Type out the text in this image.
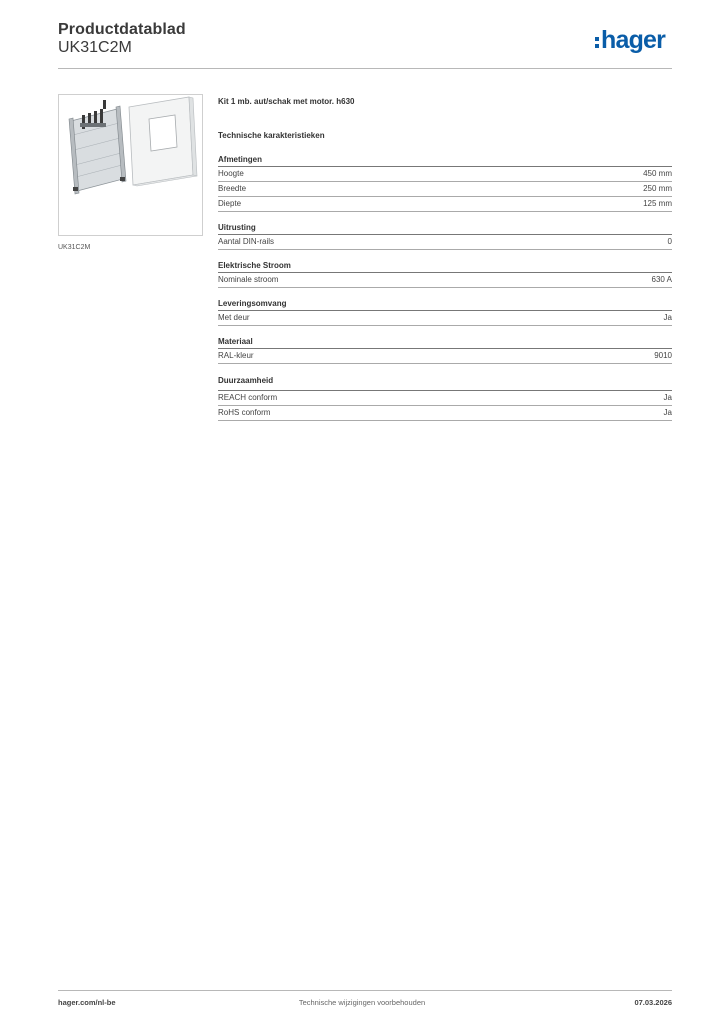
Productdatablad
UK31C2M	hager
UK31C2M
Kit 1 mb. aut/schak met motor. h630
Technische karakteristieken
Afmetingen
Hoogte	450 mm
Breedte	250 mm
Diepte	125 mm
Uitrusting
Aantal DIN-rails	0
Elektrische Stroom
Nominale stroom	630 A
Leveringsomvang
Met deur	Ja
Materiaal
RAL-kleur	9010
Duurzaamheid
REACH conform	Ja
RoHS conform	Ja
hager.com/nl-be	Technische wijzigingen voorbehouden	07.03.2026
